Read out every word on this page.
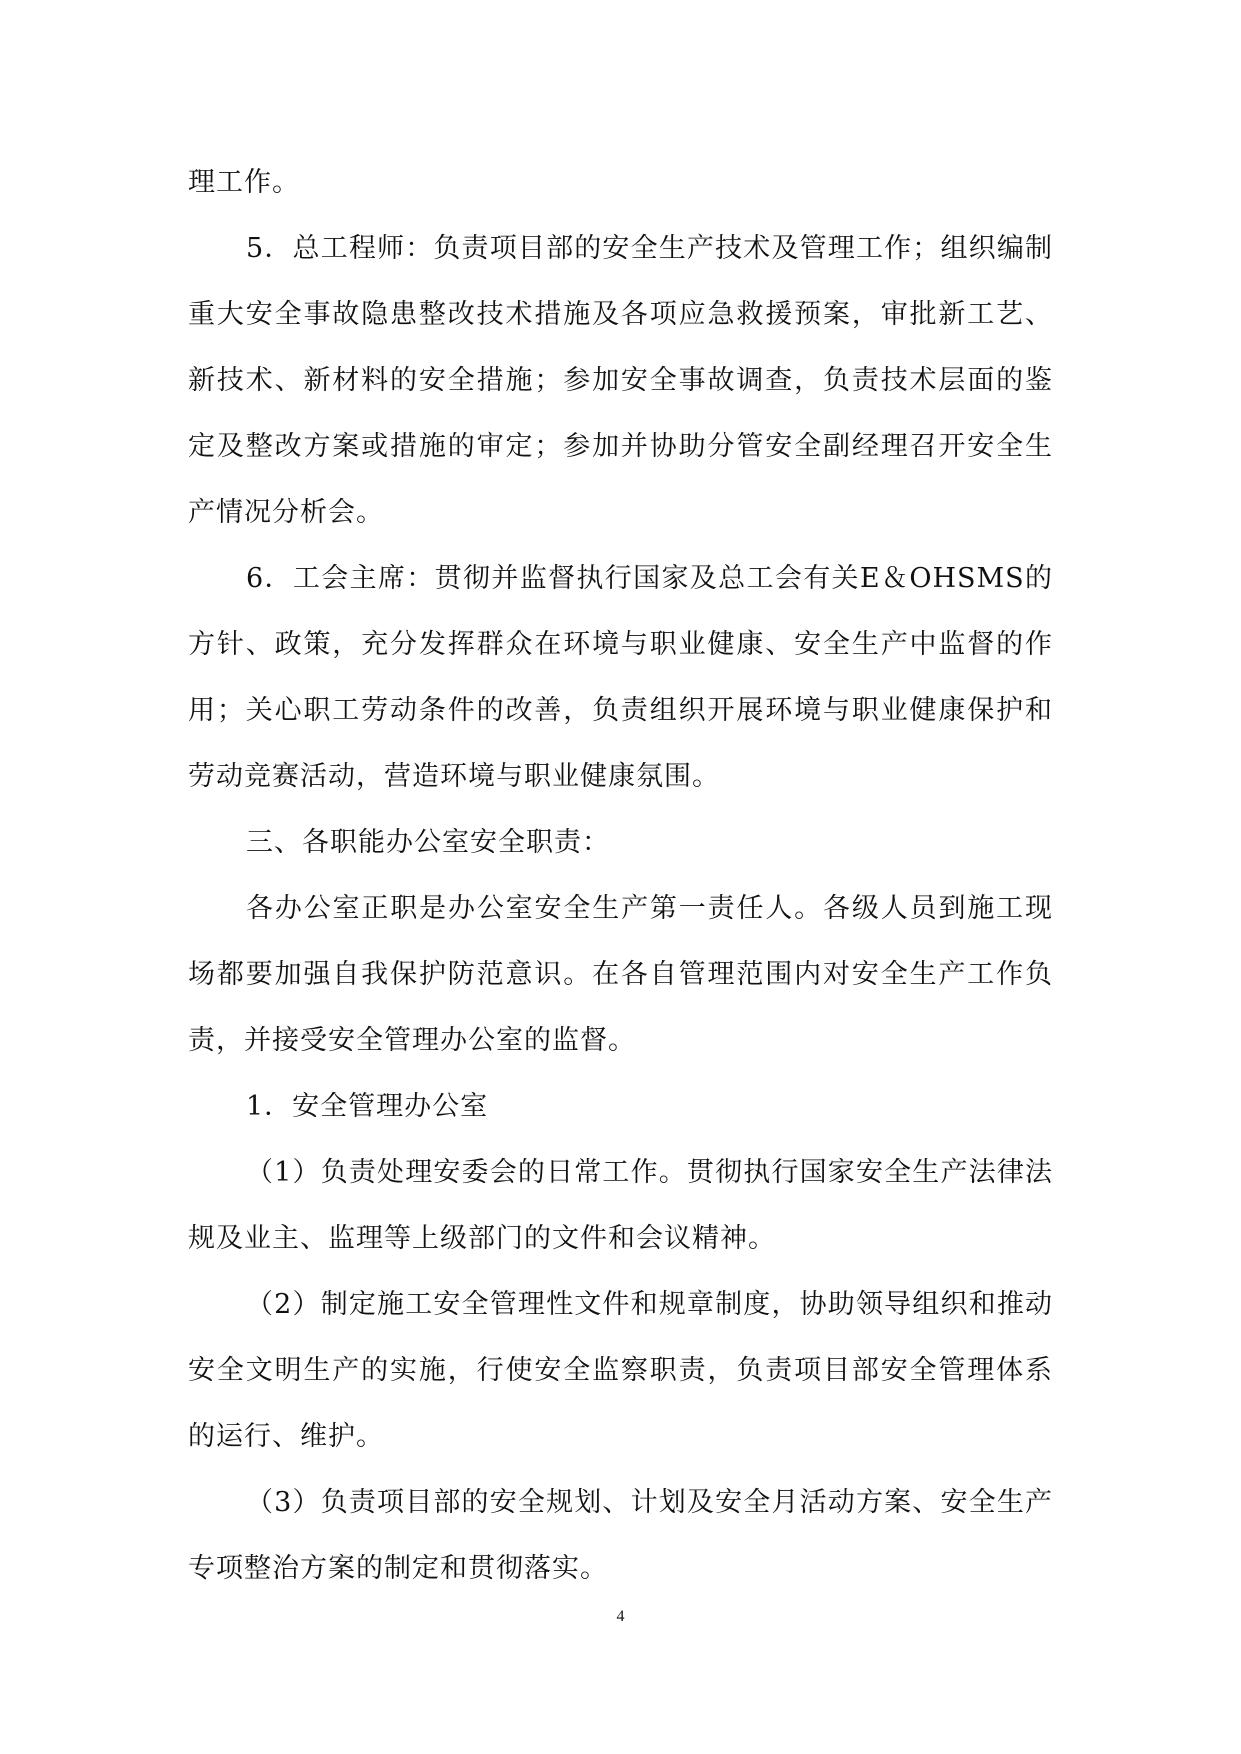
理工作。

5．总工程师：负责项目部的安全生产技术及管理工作；组织编制重大安全事故隐患整改技术措施及各项应急救援预案，审批新工艺、新技术、新材料的安全措施；参加安全事故调查，负责技术层面的鉴定及整改方案或措施的审定；参加并协助分管安全副经理召开安全生产情况分析会。

6．工会主席：贯彻并监督执行国家及总工会有关E＆OHSMS的方针、政策，充分发挥群众在环境与职业健康、安全生产中监督的作用；关心职工劳动条件的改善，负责组织开展环境与职业健康保护和劳动竞赛活动，营造环境与职业健康氛围。

三、各职能办公室安全职责：

各办公室正职是办公室安全生产第一责任人。各级人员到施工现场都要加强自我保护防范意识。在各自管理范围内对安全生产工作负责，并接受安全管理办公室的监督。

1．安全管理办公室

（1）负责处理安委会的日常工作。贯彻执行国家安全生产法律法规及业主、监理等上级部门的文件和会议精神。

（2）制定施工安全管理性文件和规章制度，协助领导组织和推动安全文明生产的实施，行使安全监察职责，负责项目部安全管理体系的运行、维护。

（3）负责项目部的安全规划、计划及安全月活动方案、安全生产专项整治方案的制定和贯彻落实。

4
